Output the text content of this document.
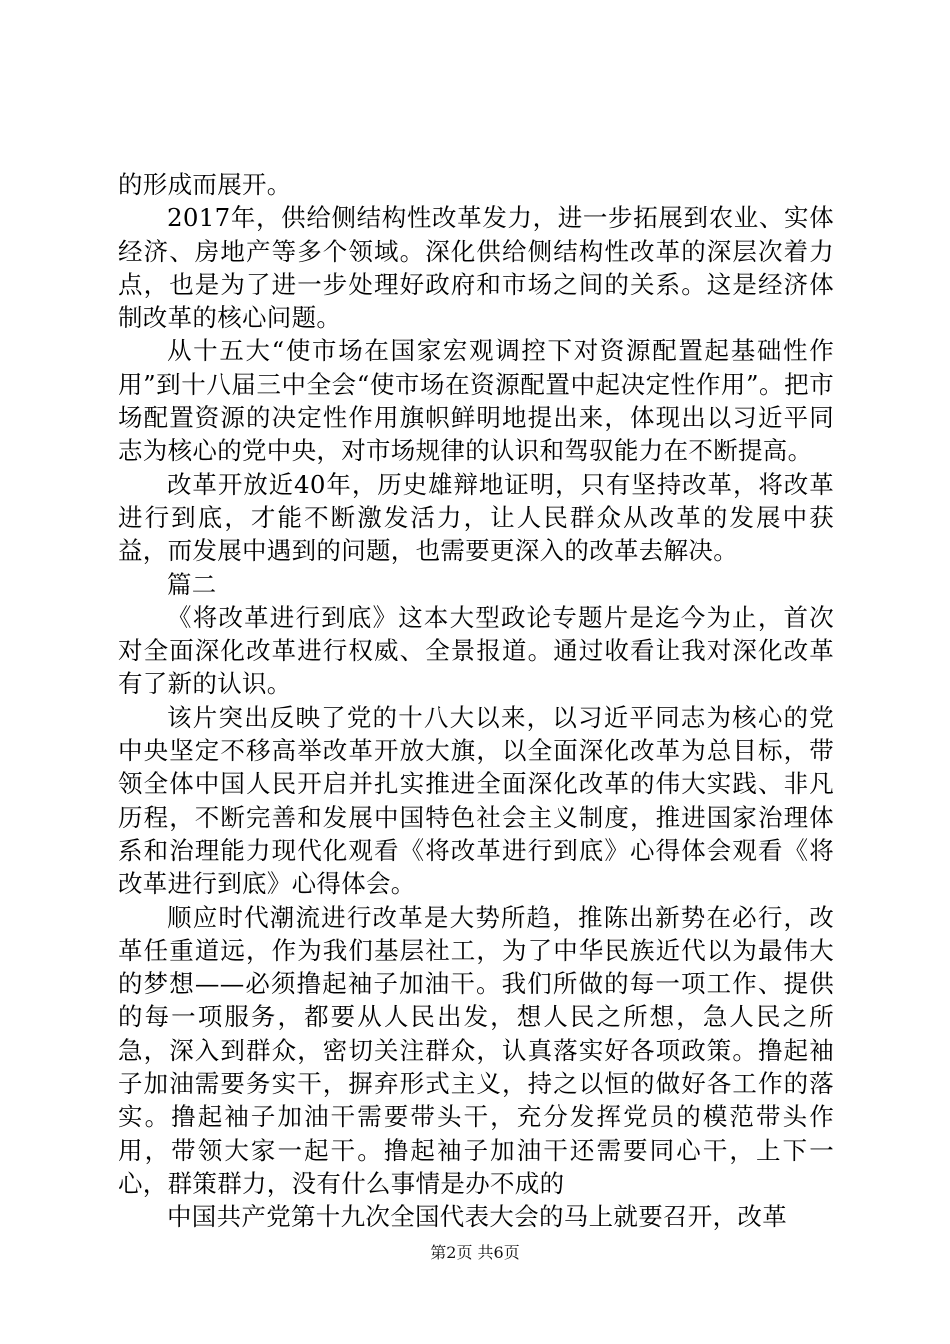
的形成而展开。

2017年，供给侧结构性改革发力，进一步拓展到农业、实体经济、房地产等多个领域。深化供给侧结构性改革的深层次着力点，也是为了进一步处理好政府和市场之间的关系。这是经济体制改革的核心问题。

从十五大“使市场在国家宏观调控下对资源配置起基础性作用”到十八届三中全会“使市场在资源配置中起决定性作用”。把市场配置资源的决定性作用旗帜鲜明地提出来，体现出以习近平同志为核心的党中央，对市场规律的认识和驾驭能力在不断提高。

改革开放近40年，历史雄辩地证明，只有坚持改革，将改革进行到底，才能不断激发活力，让人民群众从改革的发展中获益，而发展中遇到的问题，也需要更深入的改革去解决。

篇二

《将改革进行到底》这本大型政论专题片是迄今为止，首次对全面深化改革进行权威、全景报道。通过收看让我对深化改革有了新的认识。

该片突出反映了党的十八大以来，以习近平同志为核心的党中央坚定不移高举改革开放大旗，以全面深化改革为总目标，带领全体中国人民开启并扎实推进全面深化改革的伟大实践、非凡历程，不断完善和发展中国特色社会主义制度，推进国家治理体系和治理能力现代化观看《将改革进行到底》心得体会观看《将改革进行到底》心得体会。

顺应时代潮流进行改革是大势所趋，推陈出新势在必行，改革任重道远，作为我们基层社工，为了中华民族近代以为最伟大的梦想——必须撸起袖子加油干。我们所做的每一项工作、提供的每一项服务，都要从人民出发，想人民之所想，急人民之所急，深入到群众，密切关注群众，认真落实好各项政策。撸起袖子加油需要务实干，摒弃形式主义，持之以恒的做好各工作的落实。撸起袖子加油干需要带头干，充分发挥党员的模范带头作用，带领大家一起干。撸起袖子加油干还需要同心干，上下一心，群策群力，没有什么事情是办不成的

中国共产党第十九次全国代表大会的马上就要召开，改革

第2页 共6页
